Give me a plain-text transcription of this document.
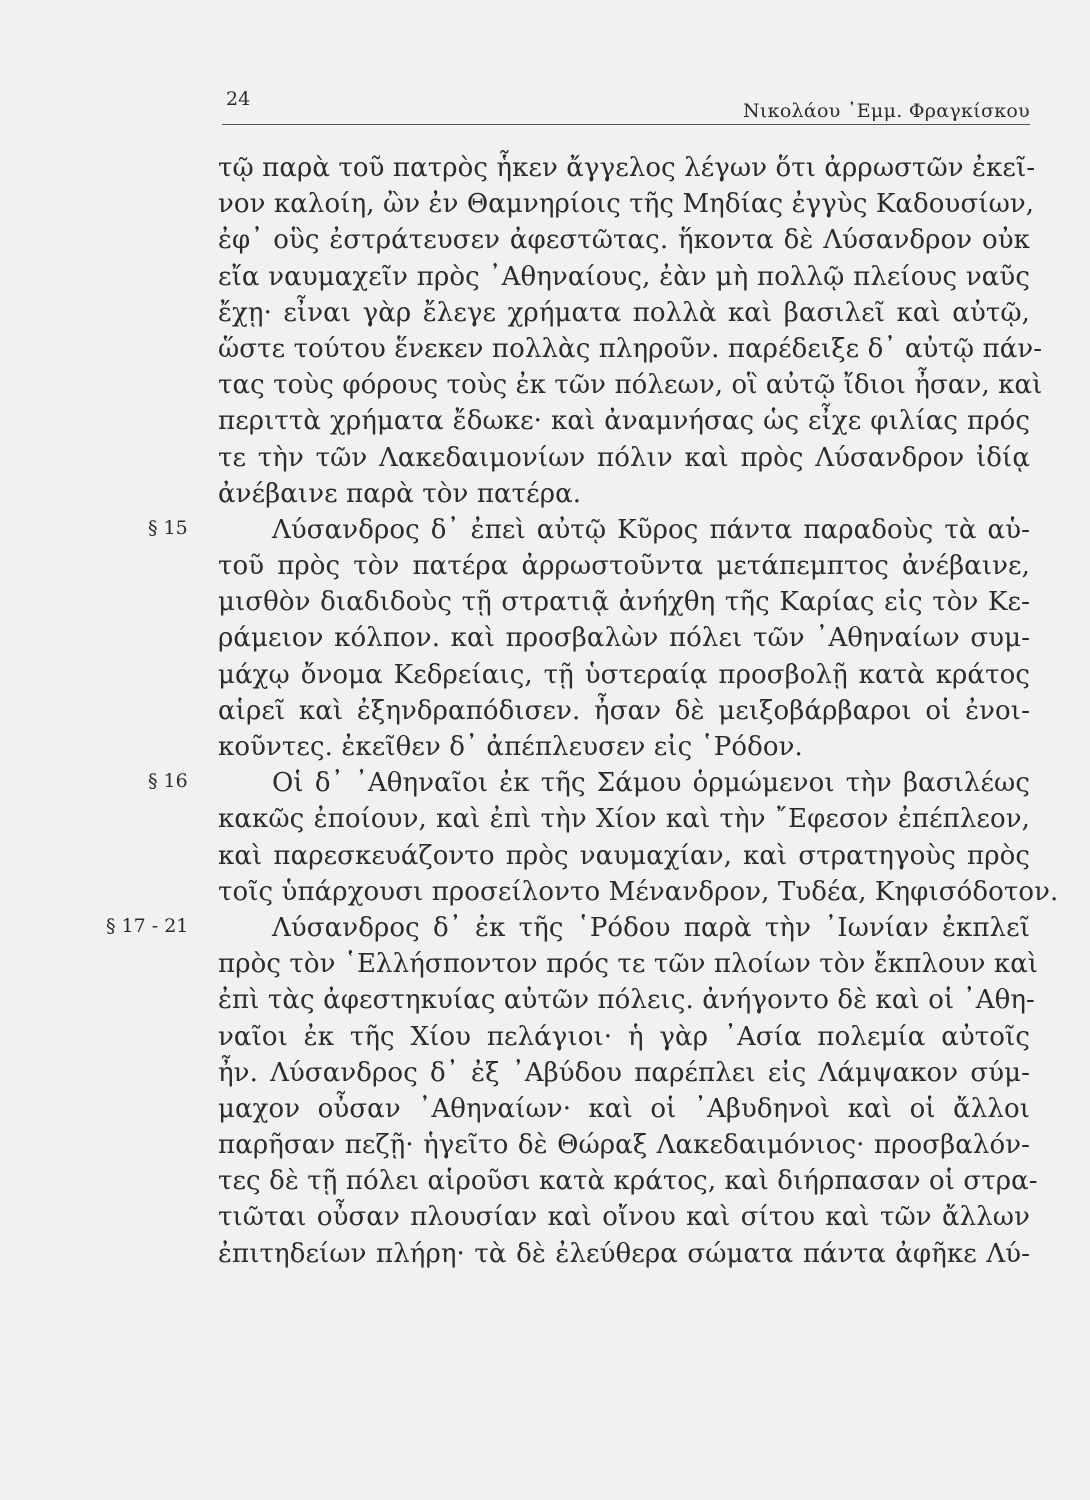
24
Νικολάου ᾿Εμμ. Φραγκίσκου
τῷ παρὰ τοῦ πατρὸς ἧκεν ἄγγελος λέγων ὅτι ἀρρωστῶν ἐκεῖ-
νον καλοίη, ὢν ἐν Θαμνηρίοις τῆς Μηδίας ἐγγὺς Καδουσίων,
ἐφ᾿ οὓς ἐστράτευσεν ἀφεστῶτας. ἥκοντα δὲ Λύσανδρον οὐκ
εἴα ναυμαχεῖν πρὸς ᾿Αθηναίους, ἐὰν μὴ πολλῷ πλείους ναῦς
ἔχῃ· εἶναι γὰρ ἔλεγε χρήματα πολλὰ καὶ βασιλεῖ καὶ αὐτῷ,
ὥστε τούτου ἕνεκεν πολλὰς πληροῦν. παρέδειξε δ᾿ αὐτῷ πάν-
τας τοὺς φόρους τοὺς ἐκ τῶν πόλεων, οἳ αὐτῷ ἴδιοι ἦσαν, καὶ
περιττὰ χρήματα ἔδωκε· καὶ ἀναμνήσας ὡς εἶχε φιλίας πρός
τε τὴν τῶν Λακεδαιμονίων πόλιν καὶ πρὸς Λύσανδρον ἰδίᾳ
ἀνέβαινε παρὰ τὸν πατέρα.
Λύσανδρος δ᾿ ἐπεὶ αὐτῷ Κῦρος πάντα παραδοὺς τὰ αὑ-
τοῦ πρὸς τὸν πατέρα ἀρρωστοῦντα μετάπεμπτος ἀνέβαινε,
μισθὸν διαδιδοὺς τῇ στρατιᾷ ἀνήχθη τῆς Καρίας εἰς τὸν Κε-
ράμειον κόλπον. καὶ προσβαλὼν πόλει τῶν ᾿Αθηναίων συμ-
μάχῳ ὄνομα Κεδρείαις, τῇ ὑστεραίᾳ προσβολῇ κατὰ κράτος
αἱρεῖ καὶ ἐξηνδραπόδισεν. ἦσαν δὲ μειξοβάρβαροι οἱ ἐνοι-
κοῦντες. ἐκεῖθεν δ᾿ ἀπέπλευσεν εἰς ῾Ρόδον.
§ 15
Οἱ δ᾿ ᾿Αθηναῖοι ἐκ τῆς Σάμου ὁρμώμενοι τὴν βασιλέως
κακῶς ἐποίουν, καὶ ἐπὶ τὴν Χίον καὶ τὴν ῎Εφεσον ἐπέπλεον,
καὶ παρεσκευάζοντο πρὸς ναυμαχίαν, καὶ στρατηγοὺς πρὸς
τοῖς ὑπάρχουσι προσείλοντο Μένανδρον, Τυδέα, Κηφισόδοτον.
§ 16
Λύσανδρος δ᾿ ἐκ τῆς ῾Ρόδου παρὰ τὴν ᾿Ιωνίαν ἐκπλεῖ
πρὸς τὸν ῾Ελλήσποντον πρός τε τῶν πλοίων τὸν ἔκπλουν καὶ
ἐπὶ τὰς ἀφεστηκυίας αὐτῶν πόλεις. ἀνήγοντο δὲ καὶ οἱ ᾿Αθη-
ναῖοι ἐκ τῆς Χίου πελάγιοι· ἡ γὰρ ᾿Ασία πολεμία αὐτοῖς
ἦν. Λύσανδρος δ᾿ ἐξ ᾿Αβύδου παρέπλει εἰς Λάμψακον σύμ-
μαχον οὖσαν ᾿Αθηναίων· καὶ οἱ ᾿Αβυδηνοὶ καὶ οἱ ἄλλοι
παρῆσαν πεζῇ· ἡγεῖτο δὲ Θώραξ Λακεδαιμόνιος· προσβαλόν-
τες δὲ τῇ πόλει αἱροῦσι κατὰ κράτος, καὶ διήρπασαν οἱ στρα-
τιῶται οὖσαν πλουσίαν καὶ οἴνου καὶ σίτου καὶ τῶν ἄλλων
ἐπιτηδείων πλήρη· τὰ δὲ ἐλεύθερα σώματα πάντα ἀφῆκε Λύ-
§ 17 - 21
